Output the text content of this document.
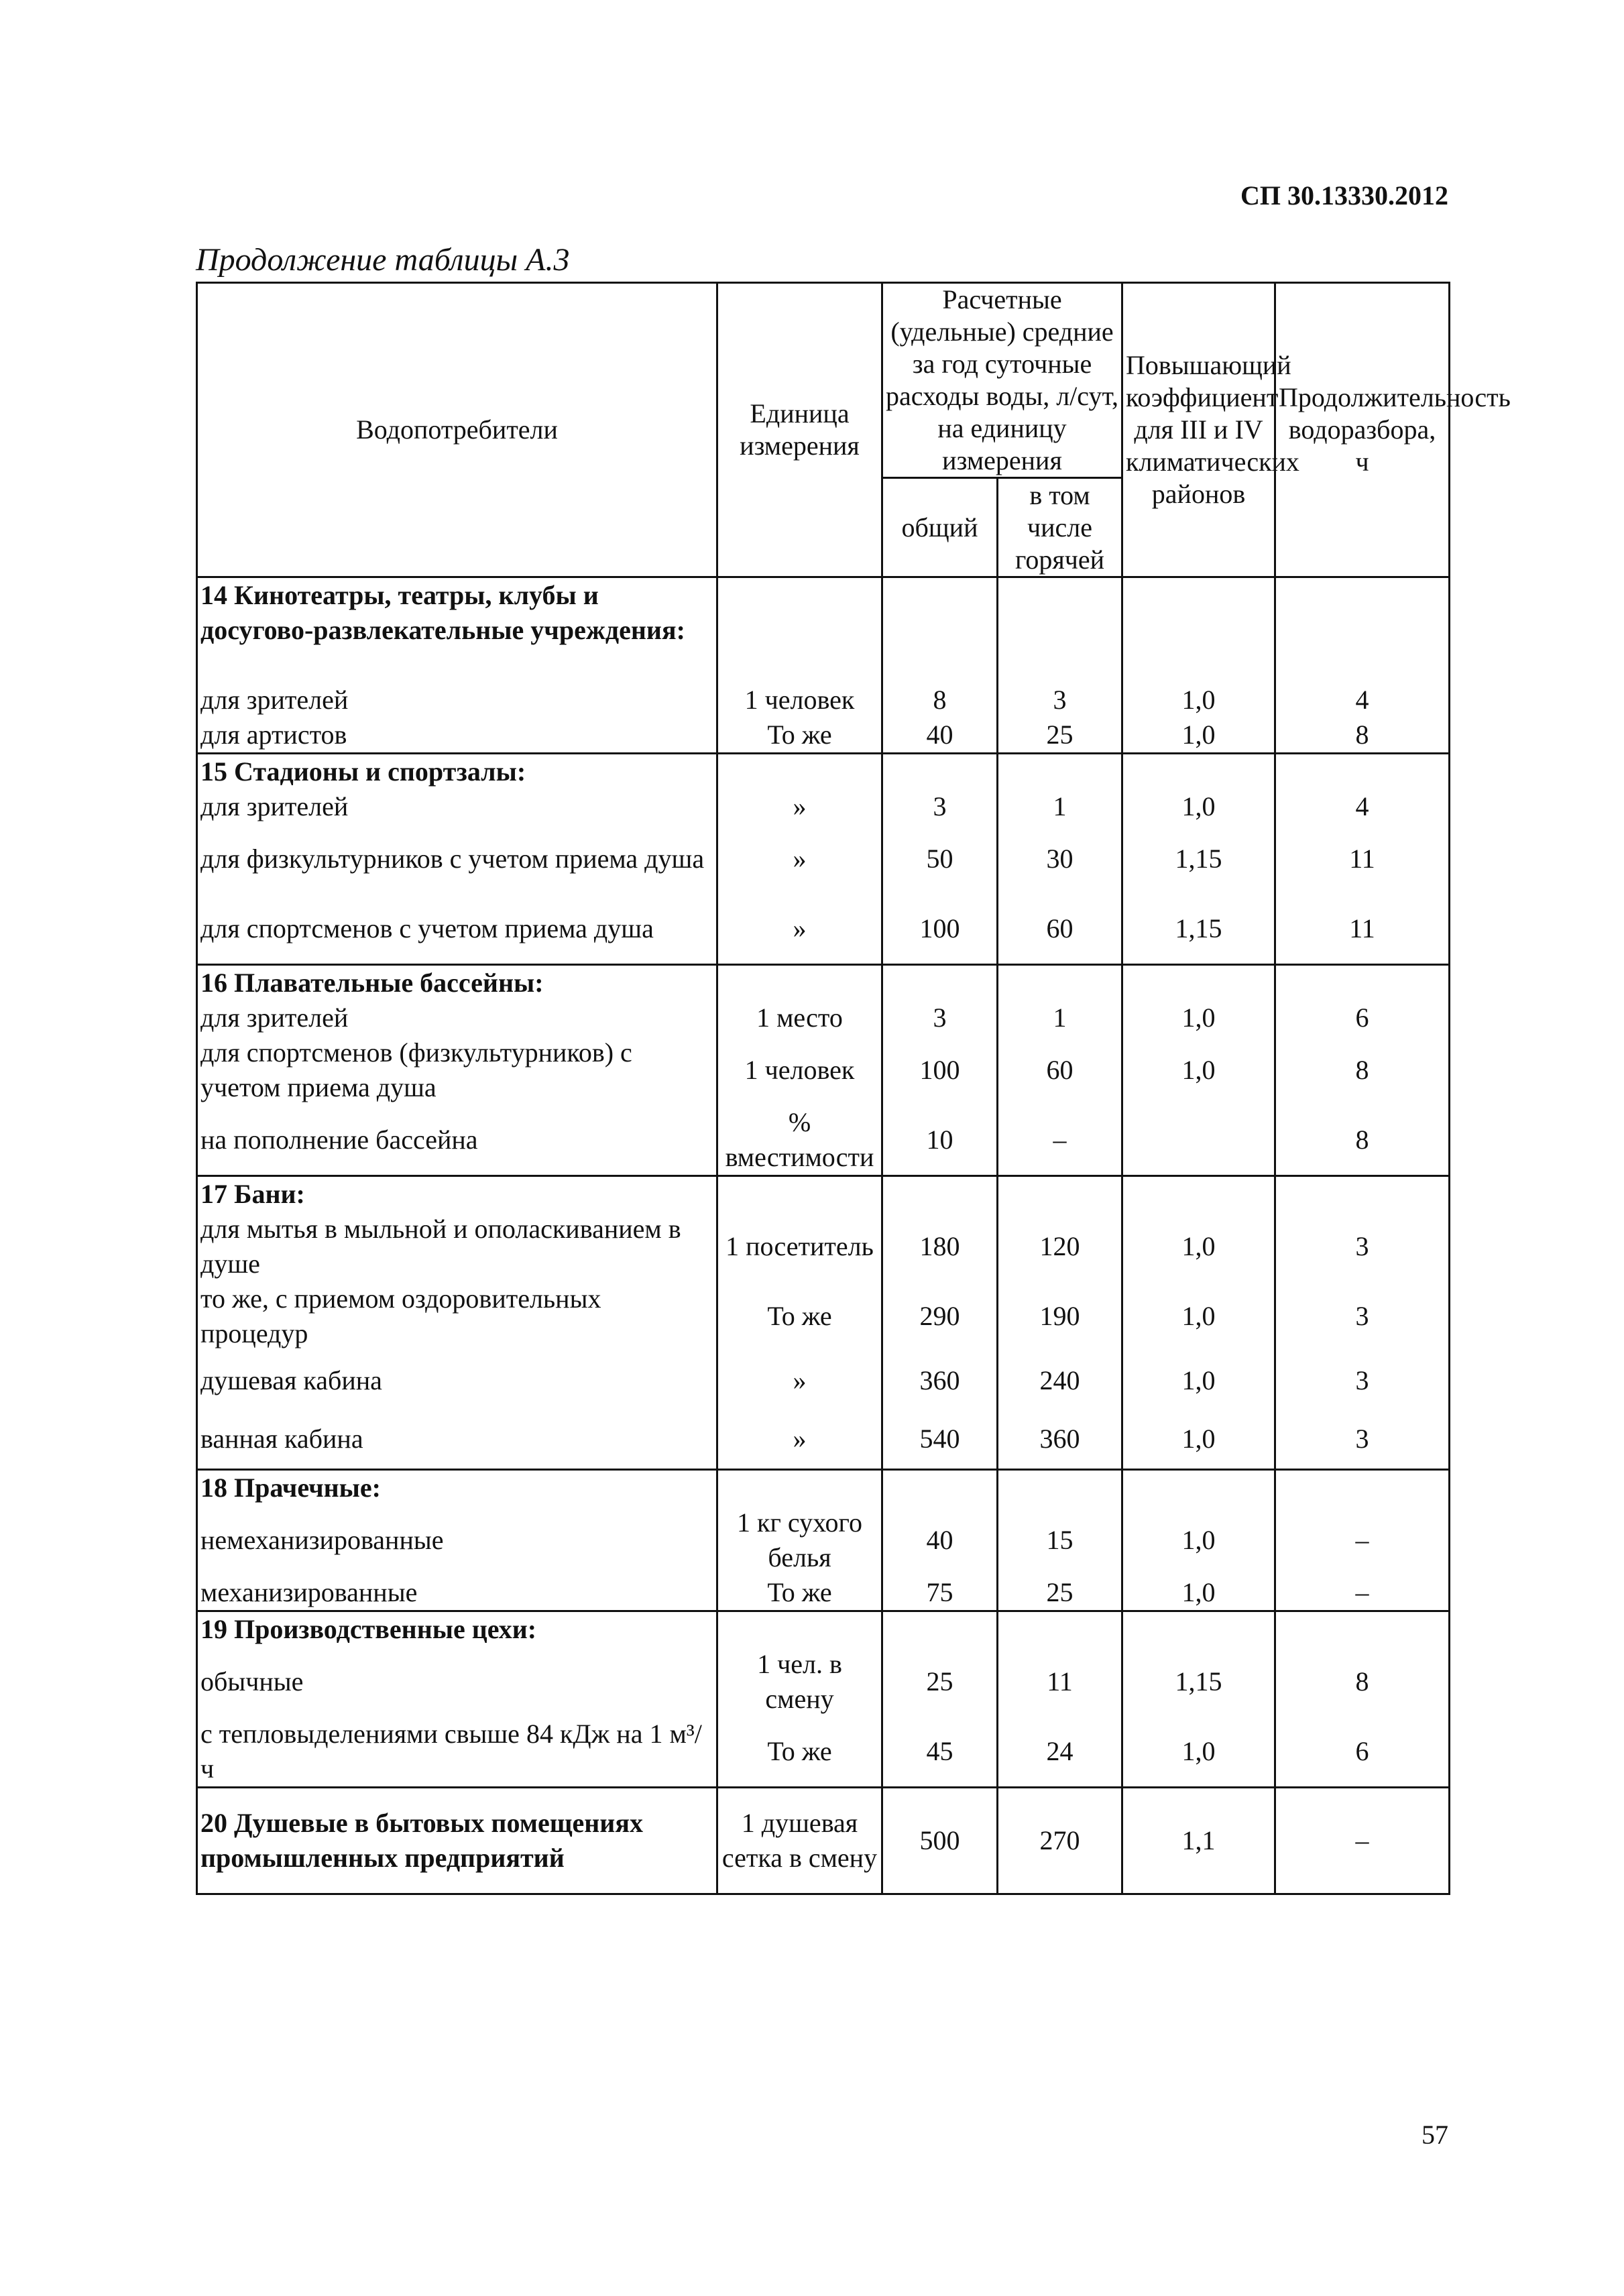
СП 30.13330.2012
Продолжение таблицы А.3
Водопотребители	Единица измерения	Расчетные (удельные) средние за год суточные расходы воды, л/сут, на единицу измерения		Повышающий коэффициент для III и IV климатических районов	Продолжительность водоразбора, ч
		общий	в том числе горячей		
14 Кинотеатры, театры, клубы и досугово-развлекательные учреждения:					
для зрителей	1 человек	8	3	1,0	4
для артистов	То же	40	25	1,0	8
15 Стадионы и спортзалы:					
для зрителей	»	3	1	1,0	4
для физкультурников с учетом приема душа	»	50	30	1,15	11
для спортсменов с учетом приема душа	»	100	60	1,15	11
16 Плавательные бассейны:					
для зрителей	1 место	3	1	1,0	6
для спортсменов (физкультурников) с учетом приема душа	1 человек	100	60	1,0	8
на пополнение бассейна	% вместимости	10	–		8
17 Бани:					
для мытья в мыльной и ополаскиванием в душе	1 посетитель	180	120	1,0	3
то же, с приемом оздоровительных процедур	То же	290	190	1,0	3
душевая кабина	»	360	240	1,0	3
ванная кабина	»	540	360	1,0	3
18 Прачечные:					
немеханизированные	1 кг сухого белья	40	15	1,0	–
механизированные	То же	75	25	1,0	–
19 Производственные цехи:					
обычные	1 чел. в смену	25	11	1,15	8
с тепловыделениями свыше 84 кДж на 1 м³/ч	То же	45	24	1,0	6
20 Душевые в бытовых помещениях промышленных предприятий	1 душевая сетка в смену	500	270	1,1	–
57
